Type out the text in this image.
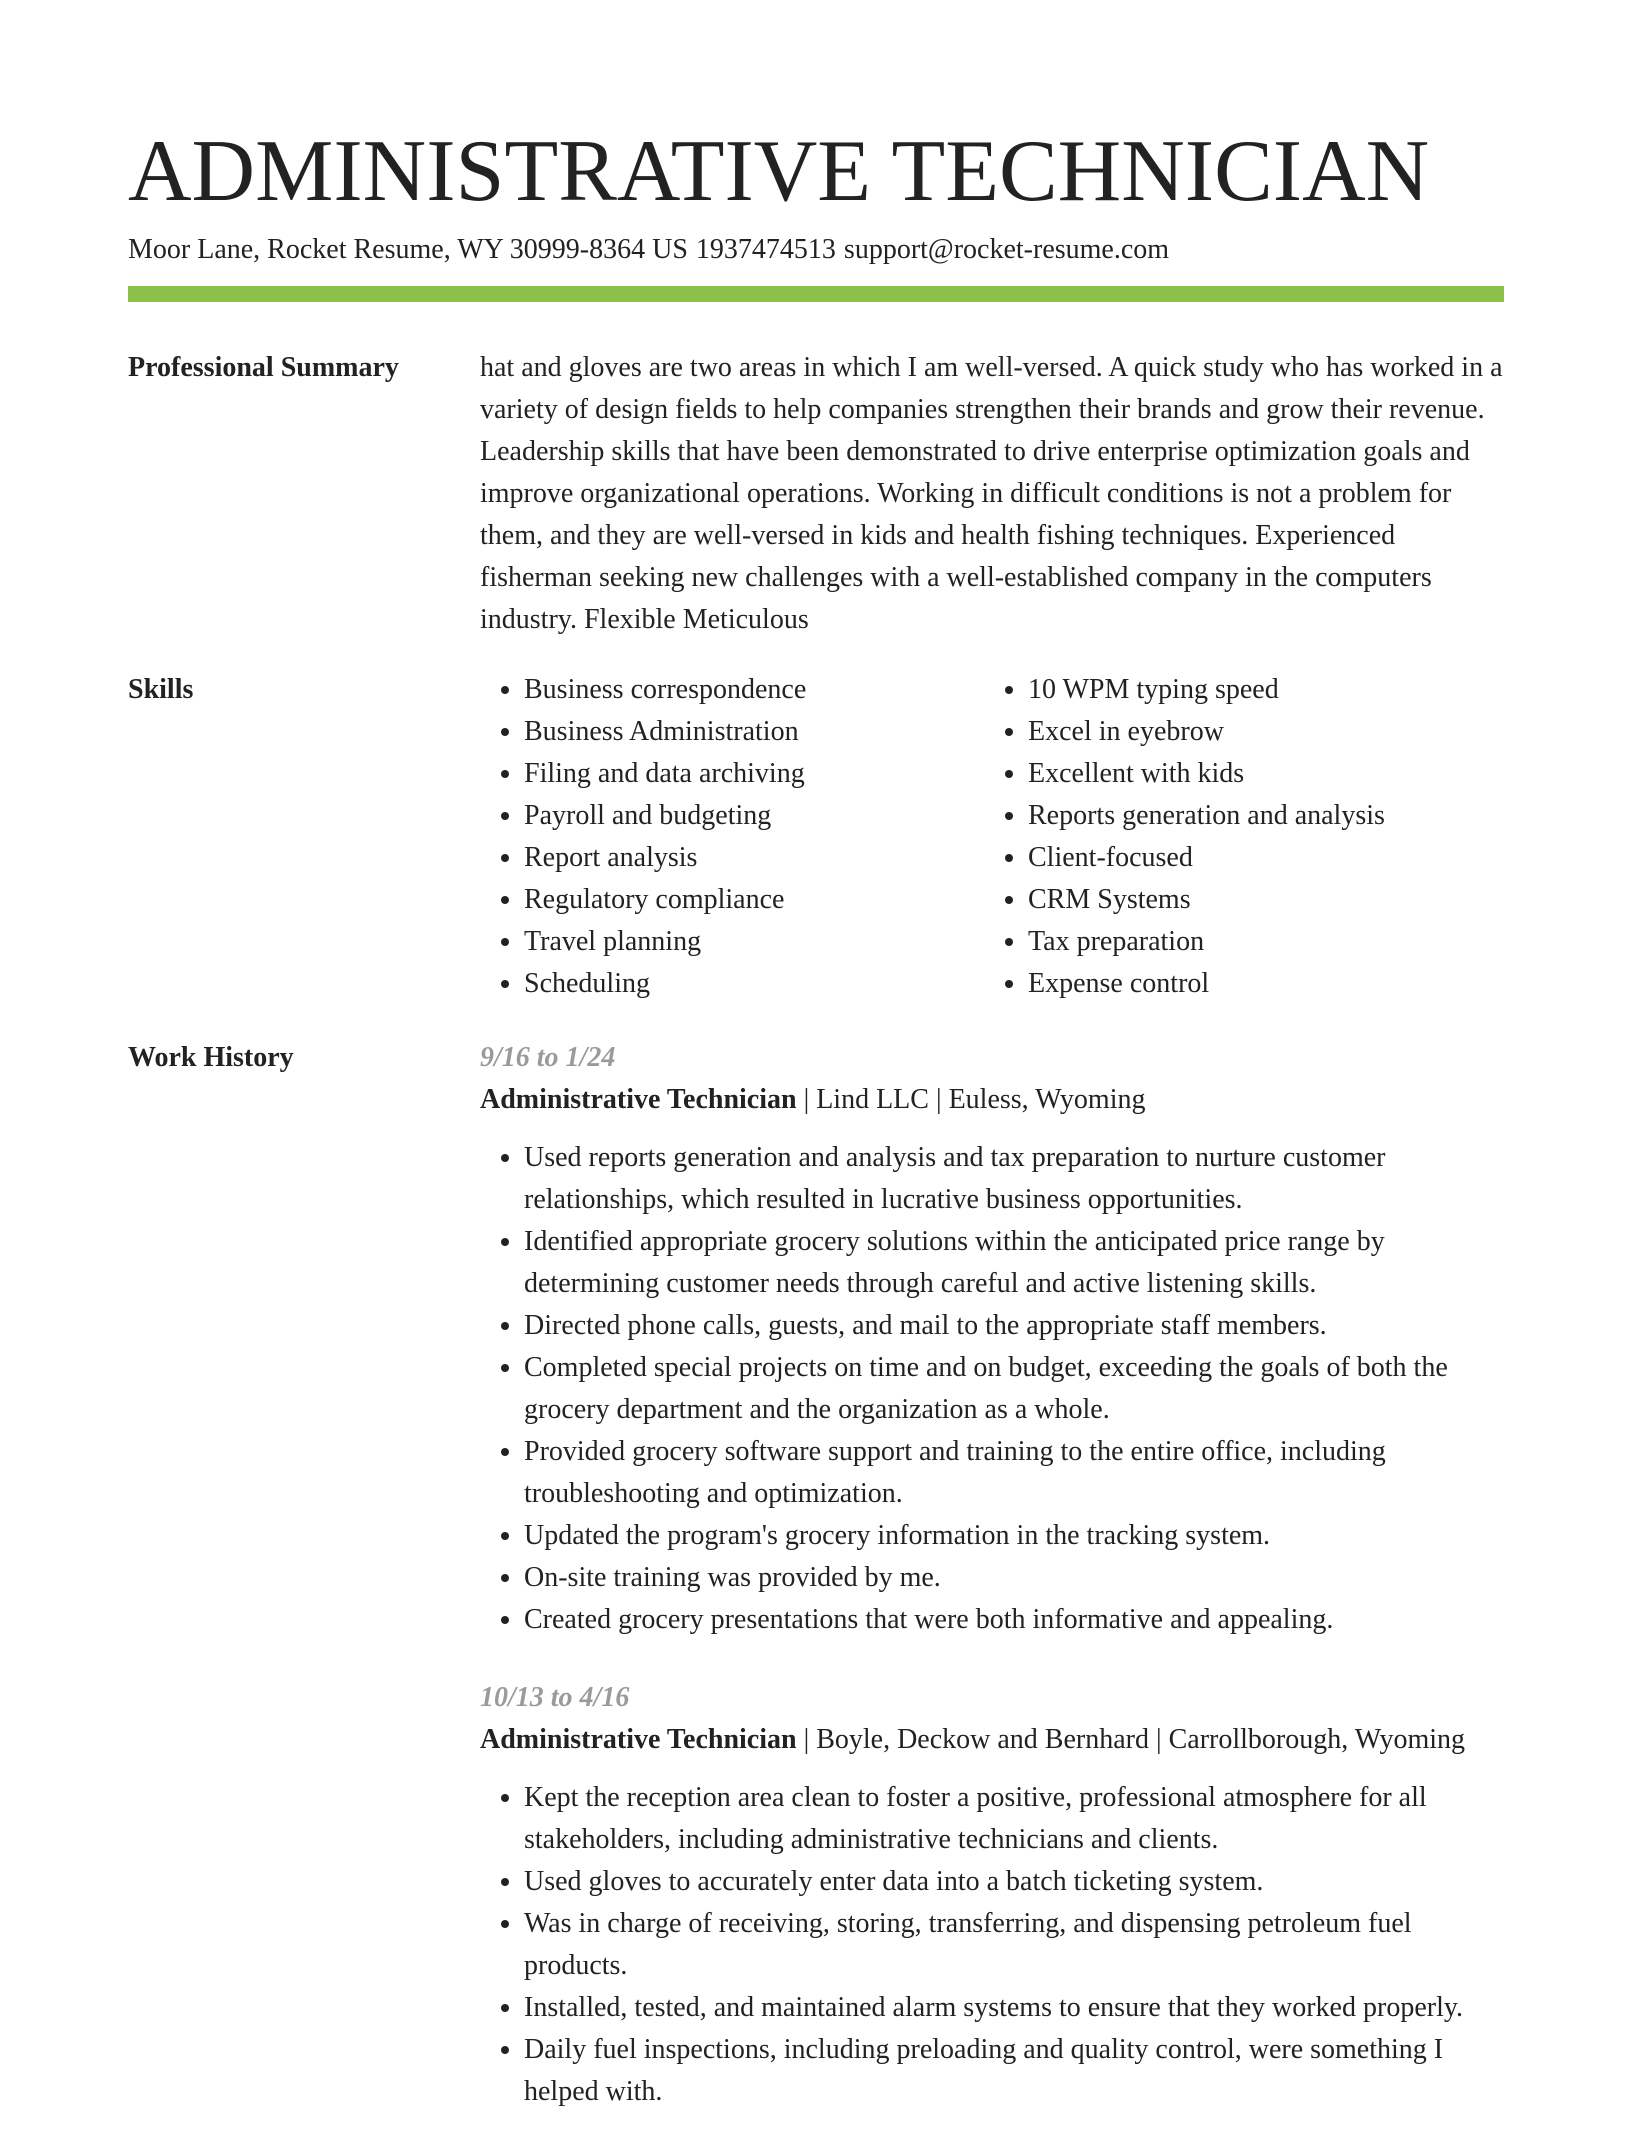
ADMINISTRATIVE TECHNICIAN
Moor Lane, Rocket Resume, WY 30999-8364 US 1937474513 support@rocket-resume.com
Professional Summary	hat and gloves are two areas in which I am well-versed. A quick study who has worked in a variety of design fields to help companies strengthen their brands and grow their revenue. Leadership skills that have been demonstrated to drive enterprise optimization goals and improve organizational operations. Working in difficult conditions is not a problem for them, and they are well-versed in kids and health fishing techniques. Experienced fisherman seeking new challenges with a well-established company in the computers industry. Flexible Meticulous

Skills
•	Business correspondence
• Business Administration
• Filing and data archiving
• Payroll and budgeting
• Report analysis
• Regulatory compliance
• Travel planning
• Scheduling
• 10 WPM typing speed
• Excel in eyebrow
• Excellent with kids
• Reports generation and analysis
• Client-focused
• CRM Systems
• Tax preparation
• Expense control
Work History	9/16 to 1/24

Administrative Technician | Lind LLC | Euless, Wyoming

• Used reports generation and analysis and tax preparation to nurture customer relationships, which resulted in lucrative business opportunities.
• Identified appropriate grocery solutions within the anticipated price range by determining customer needs through careful and active listening skills.
• Directed phone calls, guests, and mail to the appropriate staff members.
• Completed special projects on time and on budget, exceeding the goals of both the grocery department and the organization as a whole.
• Provided grocery software support and training to the entire office, including troubleshooting and optimization.
• Updated the program's grocery information in the tracking system.
• On-site training was provided by me.
• Created grocery presentations that were both informative and appealing.

10/13 to 4/16

Administrative Technician | Boyle, Deckow and Bernhard | Carrollborough, Wyoming

• Kept the reception area clean to foster a positive, professional atmosphere for all stakeholders, including administrative technicians and clients.
• Used gloves to accurately enter data into a batch ticketing system.
• Was in charge of receiving, storing, transferring, and dispensing petroleum fuel products.
• Installed, tested, and maintained alarm systems to ensure that they worked properly.
• Daily fuel inspections, including preloading and quality control, were something I helped with.
